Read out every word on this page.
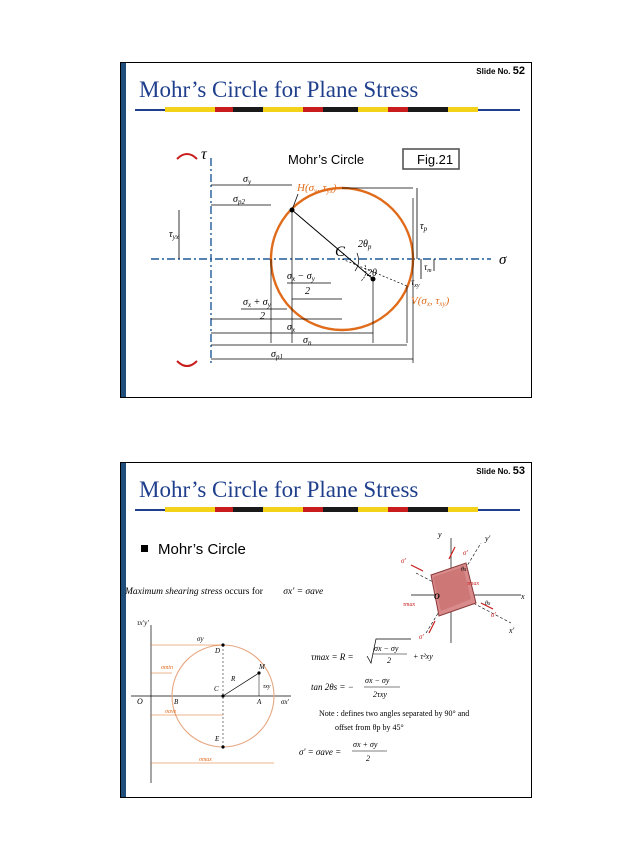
Slide No. 52
Mohr’s Circle for Plane Stress
Fig.21
Mohr’s Circle
τ
σ
$\sigma_y$
$\sigma_{p2}$
H(σy, τyx)
$\tau_{yx}$
$\tau_p$
C $2\theta_p$
2θ
$\tau_m$
$\tau_{xy}$
$\sigma_x - \sigma_y$
2
$\sigma_x + \sigma_y$
2
$\sigma_x$
$\sigma_n$
$\sigma_{p1}$
V(σx, τxy)
Slide No. 53
Mohr’s Circle for Plane Stress
Mohr’s Circle
Maximum shearing stress occurs for σx' = σave
y	y'
x
x'
O
σ'
σ'
σ'
σ'
τmax
τmax
θs
θs
τx'y'
σx'
O	B
C
A
D
E
M
R
σy
τxy
σmin
σave
σmax
τmax = R =
σx − σy
2	+ τ²xy
tan 2θs = −
σx − σy
2τxy
Note : defines two angles separated by 90° and
offset from θp by 45°
σ' = σave =
σx + σy
2
